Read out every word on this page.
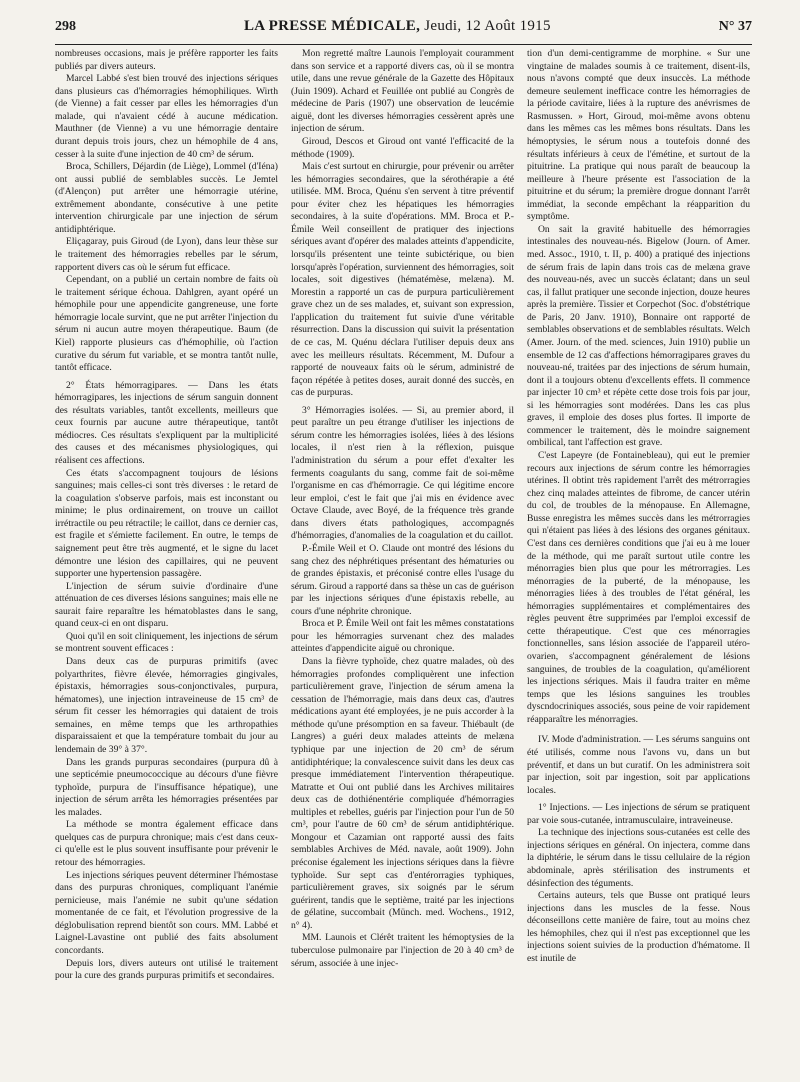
298	LA PRESSE MÉDICALE, Jeudi, 12 Août 1915	N° 37

nombreuses occasions, mais je préfère rapporter les faits publiés par divers auteurs.

Marcel Labbé s'est bien trouvé des injections sériques dans plusieurs cas d'hémorragies hémophiliques. Wirth (de Vienne) a fait cesser par elles les hémorragies d'un malade, qui n'avaient cédé à aucune médication. Mauthner (de Vienne) a vu une hémorragie dentaire durant depuis trois jours, chez un hémophile de 4 ans, cesser à la suite d'une injection de 40 cm³ de sérum.

Broca, Schillers, Déjardin (de Liège), Lommel (d'Iéna) ont aussi publié de semblables succès. Le Jemtel (d'Alençon) put arrêter une hémorragie utérine, extrêmement abondante, consécutive à une petite intervention chirurgicale par une injection de sérum antidiphtérique.

Eliçagaray, puis Giroud (de Lyon), dans leur thèse sur le traitement des hémorragies rebelles par le sérum, rapportent divers cas où le sérum fut efficace.

Cependant, on a publié un certain nombre de faits où le traitement sérique échoua. Dahlgren, ayant opéré un hémophile pour une appendicite gangreneuse, une forte hémorragie locale survint, que ne put arrêter l'injection du sérum ni aucun autre moyen thérapeutique. Baum (de Kiel) rapporte plusieurs cas d'hémophilie, où l'action curative du sérum fut variable, et se montra tantôt nulle, tantôt efficace.

2° États hémorragipares. — Dans les états hémorragipares, les injections de sérum sanguin donnent des résultats variables, tantôt excellents, meilleurs que ceux fournis par aucune autre thérapeutique, tantôt médiocres. Ces résultats s'expliquent par la multiplicité des causes et des mécanismes physiologiques, qui réalisent ces affections.

Ces états s'accompagnent toujours de lésions sanguines; mais celles-ci sont très diverses : le retard de la coagulation s'observe parfois, mais est inconstant ou minime; le plus ordinairement, on trouve un caillot irrétractile ou peu rétractile; le caillot, dans ce dernier cas, est fragile et s'émiette facilement. En outre, le temps de saignement peut être très augmenté, et le signe du lacet démontre une lésion des capillaires, qui ne peuvent supporter une hypertension passagère.

L'injection de sérum suivie d'ordinaire d'une atténuation de ces diverses lésions sanguines; mais elle ne saurait faire reparaître les hématoblastes dans le sang, quand ceux-ci en ont disparu.

Quoi qu'il en soit cliniquement, les injections de sérum se montrent souvent efficaces :

Dans deux cas de purpuras primitifs (avec polyarthrites, fièvre élevée, hémorragies gingivales, épistaxis, hémorragies sous-conjonctivales, purpura, hématomes), une injection intraveineuse de 15 cm³ de sérum fit cesser les hémorragies qui dataient de trois semaines, en même temps que les arthropathies disparaissaient et que la température tombait du jour au lendemain de 39° à 37°.

Dans les grands purpuras secondaires (purpura dû à une septicémie pneumococcique au décours d'une fièvre typhoïde, purpura de l'insuffisance hépatique), une injection de sérum arrêta les hémorragies présentées par les malades.

La méthode se montra également efficace dans quelques cas de purpura chronique; mais c'est dans ceux-ci qu'elle est le plus souvent insuffisante pour prévenir le retour des hémorragies.

Les injections sériques peuvent déterminer l'hémostase dans des purpuras chroniques, compliquant l'anémie pernicieuse, mais l'anémie ne subit qu'une sédation momentanée de ce fait, et l'évolution progressive de la déglobulisation reprend bientôt son cours. MM. Labbé et Laignel-Lavastine ont publié des faits absolument concordants.

Depuis lors, divers auteurs ont utilisé le traitement pour la cure des grands purpuras primitifs et secondaires.

Mon regretté maître Launois l'employait couramment dans son service et a rapporté divers cas, où il se montra utile, dans une revue générale de la Gazette des Hôpitaux (Juin 1909). Achard et Feuillée ont publié au Congrès de médecine de Paris (1907) une observation de leucémie aiguë, dont les diverses hémorragies cessèrent après une injection de sérum.

Giroud, Descos et Giroud ont vanté l'efficacité de la méthode (1909).

Mais c'est surtout en chirurgie, pour prévenir ou arrêter les hémorragies secondaires, que la sérothérapie a été utilisée. MM. Broca, Quénu s'en servent à titre préventif pour éviter chez les hépatiques les hémorragies secondaires, à la suite d'opérations. MM. Broca et P.-Émile Weil conseillent de pratiquer des injections sériques avant d'opérer des malades atteints d'appendicite, lorsqu'ils présentent une teinte subictérique, ou bien lorsqu'après l'opération, surviennent des hémorragies, soit locales, soit digestives (hématémèse, melæna). M. Morestin a rapporté un cas de purpura particulièrement grave chez un de ses malades, et, suivant son expression, l'application du traitement fut suivie d'une véritable résurrection. Dans la discussion qui suivit la présentation de ce cas, M. Quénu déclara l'utiliser depuis deux ans avec les meilleurs résultats. Récemment, M. Dufour a rapporté de nouveaux faits où le sérum, administré de façon répétée à petites doses, aurait donné des succès, en cas de purpuras.

3° Hémorragies isolées. — Si, au premier abord, il peut paraître un peu étrange d'utiliser les injections de sérum contre les hémorragies isolées, liées à des lésions locales, il n'est rien à la réflexion, puisque l'administration du sérum a pour effet d'exalter les ferments coagulants du sang, comme fait de soi-même l'organisme en cas d'hémorragie. Ce qui légitime encore leur emploi, c'est le fait que j'ai mis en évidence avec Octave Claude, avec Boyé, de la fréquence très grande dans divers états pathologiques, accompagnés d'hémorragies, d'anomalies de la coagulation et du caillot.

P.-Émile Weil et O. Claude ont montré des lésions du sang chez des néphrétiques présentant des hématuries ou de grandes épistaxis, et préconisé contre elles l'usage du sérum. Giroud a rapporté dans sa thèse un cas de guérison par les injections sériques d'une épistaxis rebelle, au cours d'une néphrite chronique.

Broca et P. Émile Weil ont fait les mêmes constatations pour les hémorragies survenant chez des malades atteintes d'appendicite aiguë ou chronique.

Dans la fièvre typhoïde, chez quatre malades, où des hémorragies profondes compliquèrent une infection particulièrement grave, l'injection de sérum amena la cessation de l'hémorragie, mais dans deux cas, d'autres médications ayant été employées, je ne puis accorder à la méthode qu'une présomption en sa faveur. Thiébault (de Langres) a guéri deux malades atteints de melæna typhique par une injection de 20 cm³ de sérum antidiphtérique; la convalescence suivit dans les deux cas presque immédiatement l'intervention thérapeutique. Matratte et Oui ont publié dans les Archives militaires deux cas de dothiénentérie compliquée d'hémorragies multiples et rebelles, guéris par l'injection pour l'un de 50 cm³, pour l'autre de 60 cm³ de sérum antidiphtérique. Mongour et Cazamian ont rapporté aussi des faits semblables Archives de Méd. navale, août 1909). John préconise également les injections sériques dans la fièvre typhoïde. Sur sept cas d'entérorragies typhiques, particulièrement graves, six soignés par le sérum guérirent, tandis que le septième, traité par les injections de gélatine, succombait (Münch. med. Wochens., 1912, n° 4).

MM. Launois et Clérêt traitent les hémoptysies de la tuberculose pulmonaire par l'injection de 20 à 40 cm³ de sérum, associée à une injec-

tion d'un demi-centigramme de morphine. « Sur une vingtaine de malades soumis à ce traitement, disent-ils, nous n'avons compté que deux insuccès. La méthode demeure seulement inefficace contre les hémorragies de la période cavitaire, liées à la rupture des anévrismes de Rasmussen. » Hort, Giroud, moi-même avons obtenu dans les mêmes cas les mêmes bons résultats. Dans les hémoptysies, le sérum nous a toutefois donné des résultats inférieurs à ceux de l'émétine, et surtout de la pituitrine. La pratique qui nous paraît de beaucoup la meilleure à l'heure présente est l'association de la pituitrine et du sérum; la première drogue donnant l'arrêt immédiat, la seconde empêchant la réapparition du symptôme.

On sait la gravité habituelle des hémorragies intestinales des nouveau-nés. Bigelow (Journ. of Amer. med. Assoc., 1910, t. II, p. 400) a pratiqué des injections de sérum frais de lapin dans trois cas de melæna grave des nouveau-nés, avec un succès éclatant; dans un seul cas, il fallut pratiquer une seconde injection, douze heures après la première. Tissier et Corpechot (Soc. d'obstétrique de Paris, 20 Janv. 1910), Bonnaire ont rapporté de semblables observations et de semblables résultats. Welch (Amer. Journ. of the med. sciences, Juin 1910) publie un ensemble de 12 cas d'affections hémorragipares graves du nouveau-né, traitées par des injections de sérum humain, dont il a toujours obtenu d'excellents effets. Il commence par injecter 10 cm³ et répète cette dose trois fois par jour, si les hémorragies sont modérées. Dans les cas plus graves, il emploie des doses plus fortes. Il importe de commencer le traitement, dès le moindre saignement ombilical, tant l'affection est grave.

C'est Lapeyre (de Fontainebleau), qui eut le premier recours aux injections de sérum contre les hémorragies utérines. Il obtint très rapidement l'arrêt des métrorragies chez cinq malades atteintes de fibrome, de cancer utérin du col, de troubles de la ménopause. En Allemagne, Busse enregistra les mêmes succès dans les métrorragies qui n'étaient pas liées à des lésions des organes génitaux. C'est dans ces dernières conditions que j'ai eu à me louer de la méthode, qui me paraît surtout utile contre les ménorragies bien plus que pour les métrorragies. Les ménorragies de la puberté, de la ménopause, les ménorragies liées à des troubles de l'état général, les hémorragies supplémentaires et complémentaires des règles peuvent être supprimées par l'emploi excessif de cette thérapeutique. C'est que ces ménorragies fonctionnelles, sans lésion associée de l'appareil utéro-ovarien, s'accompagnent généralement de lésions sanguines, de troubles de la coagulation, qu'améliorent les injections sériques. Mais il faudra traiter en même temps que les lésions sanguines les troubles dyscndocriniques associés, sous peine de voir rapidement réapparaître les ménorragies.

IV. Mode d'administration. — Les sérums sanguins ont été utilisés, comme nous l'avons vu, dans un but préventif, et dans un but curatif. On les administrera soit par injection, soit par ingestion, soit par applications locales.

1° Injections. — Les injections de sérum se pratiquent par voie sous-cutanée, intramusculaire, intraveineuse.

La technique des injections sous-cutanées est celle des injections sériques en général. On injectera, comme dans la diphtérie, le sérum dans le tissu cellulaire de la région abdominale, après stérilisation des instruments et désinfection des téguments.

Certains auteurs, tels que Busse ont pratiqué leurs injections dans les muscles de la fesse. Nous déconseillons cette manière de faire, tout au moins chez les hémophiles, chez qui il n'est pas exceptionnel que les injections soient suivies de la production d'hématome. Il est inutile de
